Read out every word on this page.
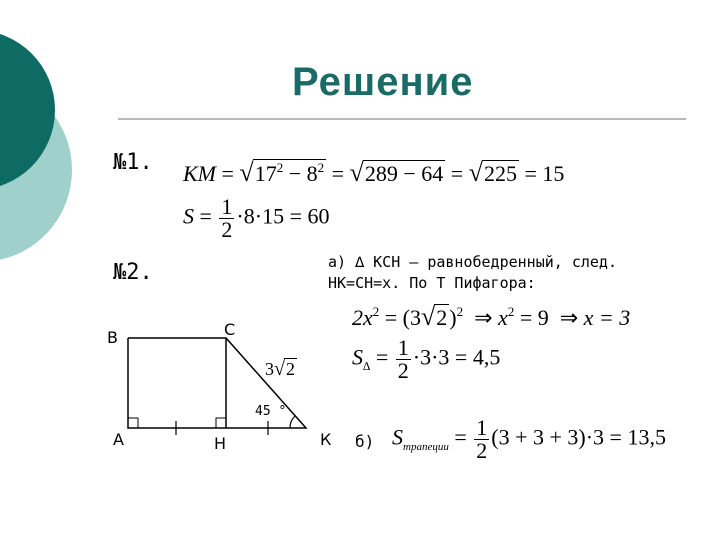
Решение
№1. KM = $√17^2 - 8^2 = √289 - 64 = √225 = 15$
$S = \frac{1}{2} \cdot 8\cdot 15 = 60$
№2.	а) ∆ КСН – равнобедренный, след. НК=СН=х. По Т Пифагора:
$2x^2 = (3√2)^2$ ⇒ $x^2 = 9$ ⇒ x = 3
$S_\Delta = \frac{1}{2} \cdot 3\cdot 3 = 4,5$
б) $S_{трапеции} = \frac{1}{2} (3 + 3 + 3)\cdot 3 = 13,5$
В	С
А	Н	К
3√2
45 °
